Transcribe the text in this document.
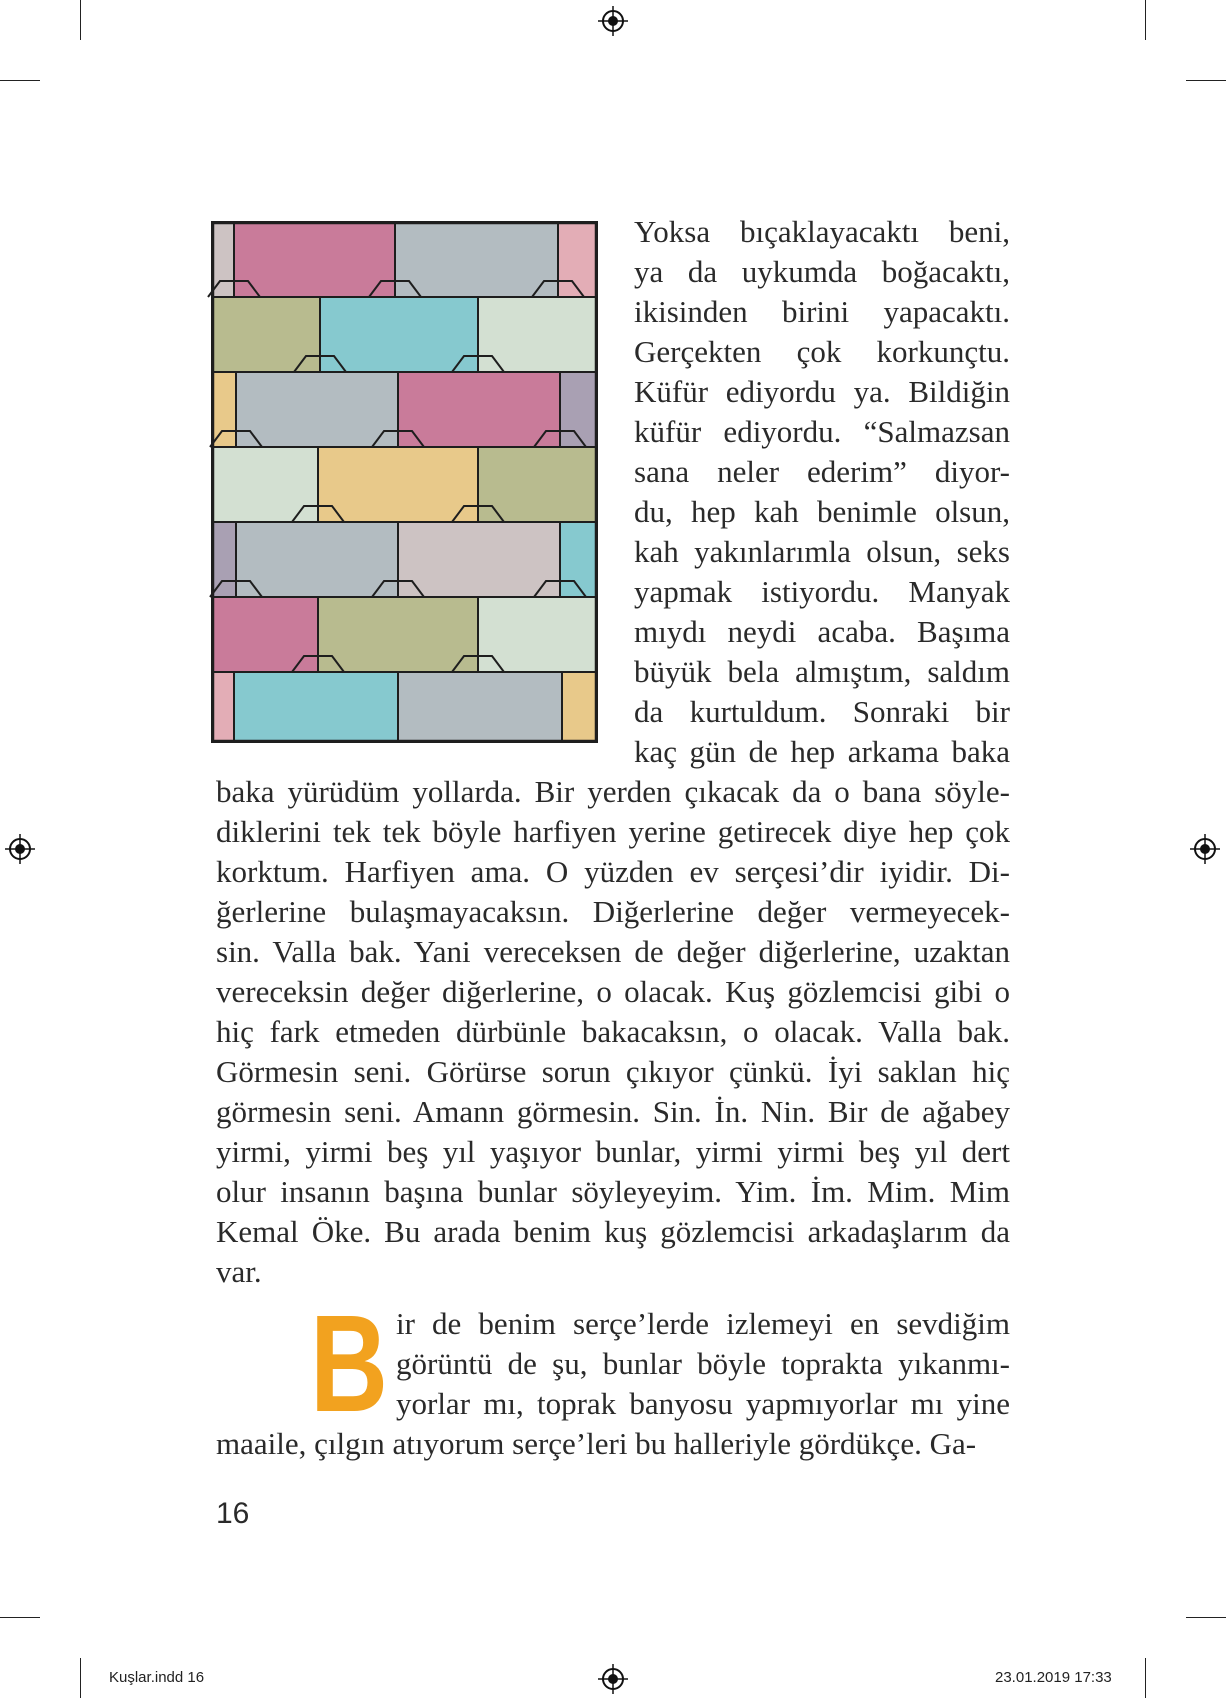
Yoksa bıçaklayacaktı beni,
ya da uykumda boğacaktı,
ikisinden birini yapacaktı.
Gerçekten çok korkunçtu.
Küfür ediyordu ya. Bildiğin
küfür ediyordu. “Salmazsan
sana neler ederim” diyor-
du, hep kah benimle olsun,
kah yakınlarımla olsun, seks
yapmak istiyordu. Manyak
mıydı neydi acaba. Başıma
büyük bela almıştım, saldım
da kurtuldum. Sonraki bir
kaç gün de hep arkama baka
baka yürüdüm yollarda. Bir yerden çıkacak da o bana söyle-
diklerini tek tek böyle harfiyen yerine getirecek diye hep çok
korktum. Harfiyen ama. O yüzden ev serçesi’dir iyidir. Di-
ğerlerine bulaşmayacaksın. Diğerlerine değer vermeyecek-
sin. Valla bak. Yani vereceksen de değer diğerlerine, uzaktan
vereceksin değer diğerlerine, o olacak. Kuş gözlemcisi gibi o
hiç fark etmeden dürbünle bakacaksın, o olacak. Valla bak.
Görmesin seni. Görürse sorun çıkıyor çünkü. İyi saklan hiç
görmesin seni. Amann görmesin. Sin. İn. Nin. Bir de ağabey
yirmi, yirmi beş yıl yaşıyor bunlar, yirmi yirmi beş yıl dert
olur insanın başına bunlar söyleyeyim. Yim. İm. Mim. Mim
Kemal Öke. Bu arada benim kuş gözlemcisi arkadaşlarım da
var.
B ir de benim serçe’lerde izlemeyi en sevdiğim
görüntü de şu, bunlar böyle toprakta yıkanmı-
yorlar mı, toprak banyosu yapmıyorlar mı yine
maaile, çılgın atıyorum serçe’leri bu halleriyle gördükçe. Ga-
16
Kuşlar.indd 16	23.01.2019 17:33
